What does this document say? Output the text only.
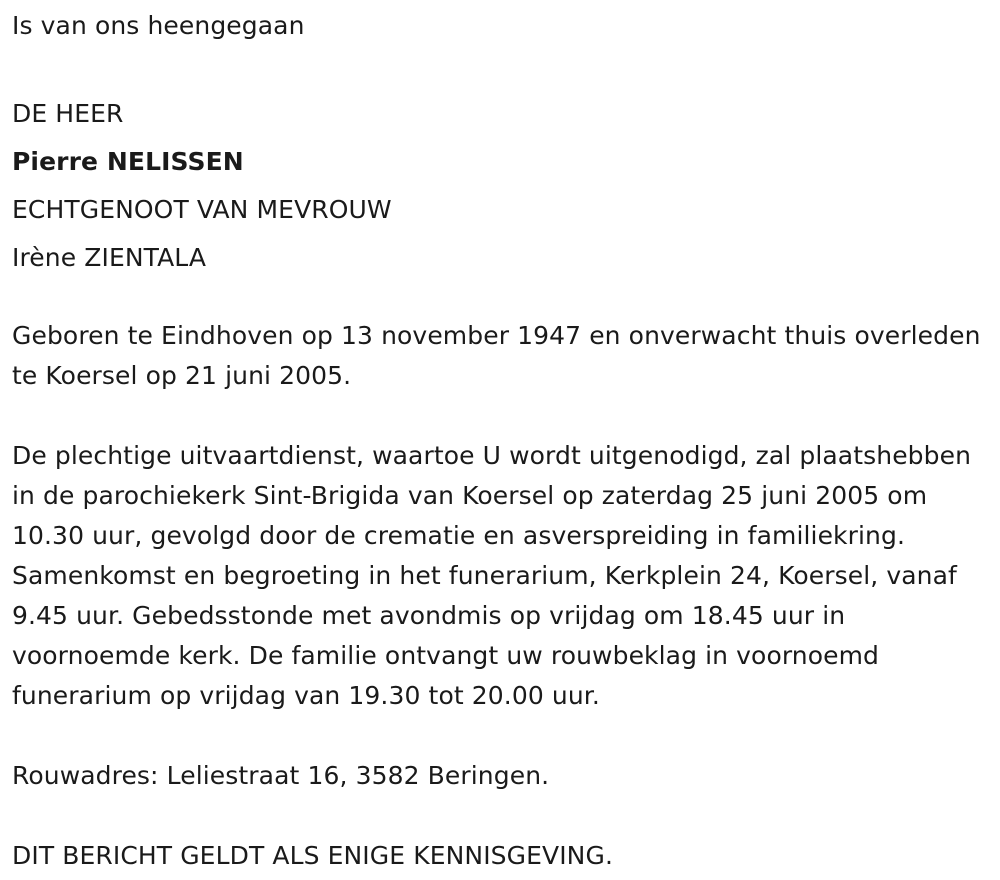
Is van ons heengegaan
DE HEER
Pierre NELISSEN
ECHTGENOOT VAN MEVROUW
Irène ZIENTALA

Geboren te Eindhoven op 13 november 1947 en onverwacht thuis overleden te Koersel op 21 juni 2005.

De plechtige uitvaartdienst, waartoe U wordt uitgenodigd, zal plaatshebben in de parochiekerk Sint-Brigida van Koersel op zaterdag 25 juni 2005 om 10.30 uur, gevolgd door de crematie en asverspreiding in familiekring. Samenkomst en begroeting in het funerarium, Kerkplein 24, Koersel, vanaf 9.45 uur. Gebedsstonde met avondmis op vrijdag om 18.45 uur in voornoemde kerk. De familie ontvangt uw rouwbeklag in voornoemd funerarium op vrijdag van 19.30 tot 20.00 uur.

Rouwadres: Leliestraat 16, 3582 Beringen.

DIT BERICHT GELDT ALS ENIGE KENNISGEVING.
